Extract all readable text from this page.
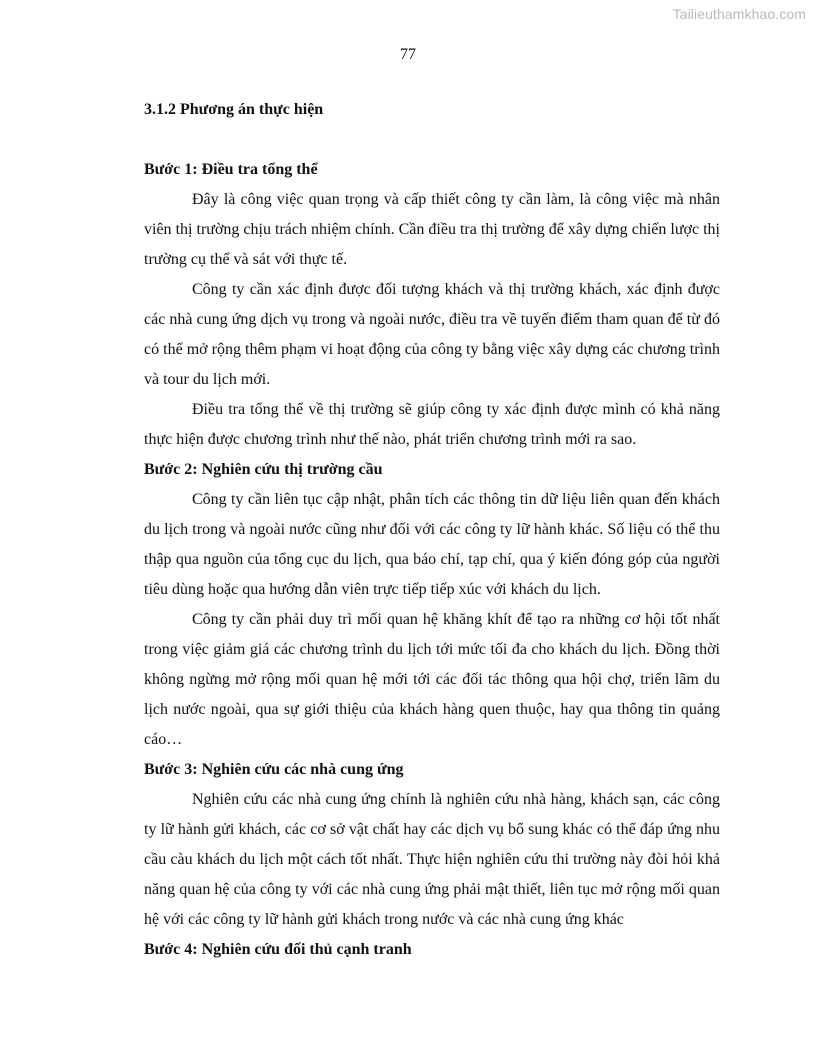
Tailieuthamkhao.com
77

3.1.2 Phương án thực hiện

Bước 1: Điều tra tổng thể

Đây là công việc quan trọng và cấp thiết công ty cần làm, là công việc mà nhân viên thị trường chịu trách nhiệm chính. Cần điều tra thị trường để xây dựng chiến lược thị trường cụ thể và sát với thực tế.

Công ty cần xác định được đối tượng khách và thị trường khách, xác định được các nhà cung ứng dịch vụ trong và ngoài nước, điều tra về tuyến điểm tham quan để từ đó có thể mở rộng thêm phạm vi hoạt động của công ty bằng việc xây dựng các chương trình và tour du lịch mới.

Điều tra tổng thể về thị trường sẽ giúp công ty xác định được mình có khả năng thực hiện được chương trình như thế nào, phát triển chương trình mới ra sao.

Bước 2: Nghiên cứu thị trường cầu

Công ty cần liên tục cập nhật, phân tích các thông tin dữ liệu liên quan đến khách du lịch trong và ngoài nước cũng như đối với các công ty lữ hành khác. Số liệu có thể thu thập qua nguồn của tổng cục du lịch, qua báo chí, tạp chí, qua ý kiến đóng góp của người tiêu dùng hoặc qua hướng dẫn viên trực tiếp tiếp xúc với khách du lịch.

Công ty cần phải duy trì mối quan hệ khăng khít để tạo ra những cơ hội tốt nhất trong việc giảm giá các chương trình du lịch tới mức tối đa cho khách du lịch. Đồng thời không ngừng mở rộng mối quan hệ mới tới các đối tác thông qua hội chợ, triển lãm du lịch nước ngoài, qua sự giới thiệu của khách hàng quen thuộc, hay qua thông tin quảng cáo…

Bước 3: Nghiên cứu các nhà cung ứng

Nghiên cứu các nhà cung ứng chính là nghiên cứu nhà hàng, khách sạn, các công ty lữ hành gửi khách, các cơ sở vật chất hay các dịch vụ bổ sung khác có thể đáp ứng nhu cầu càu khách du lịch một cách tốt nhất. Thực hiện nghiên cứu thi trường này đòi hỏi khả năng quan hệ của công ty với các nhà cung ứng phải mật thiết, liên tục mở rộng mối quan hệ với các công ty lữ hành gửi khách trong nước và các nhà cung ứng khác

Bước 4: Nghiên cứu đối thủ cạnh tranh
